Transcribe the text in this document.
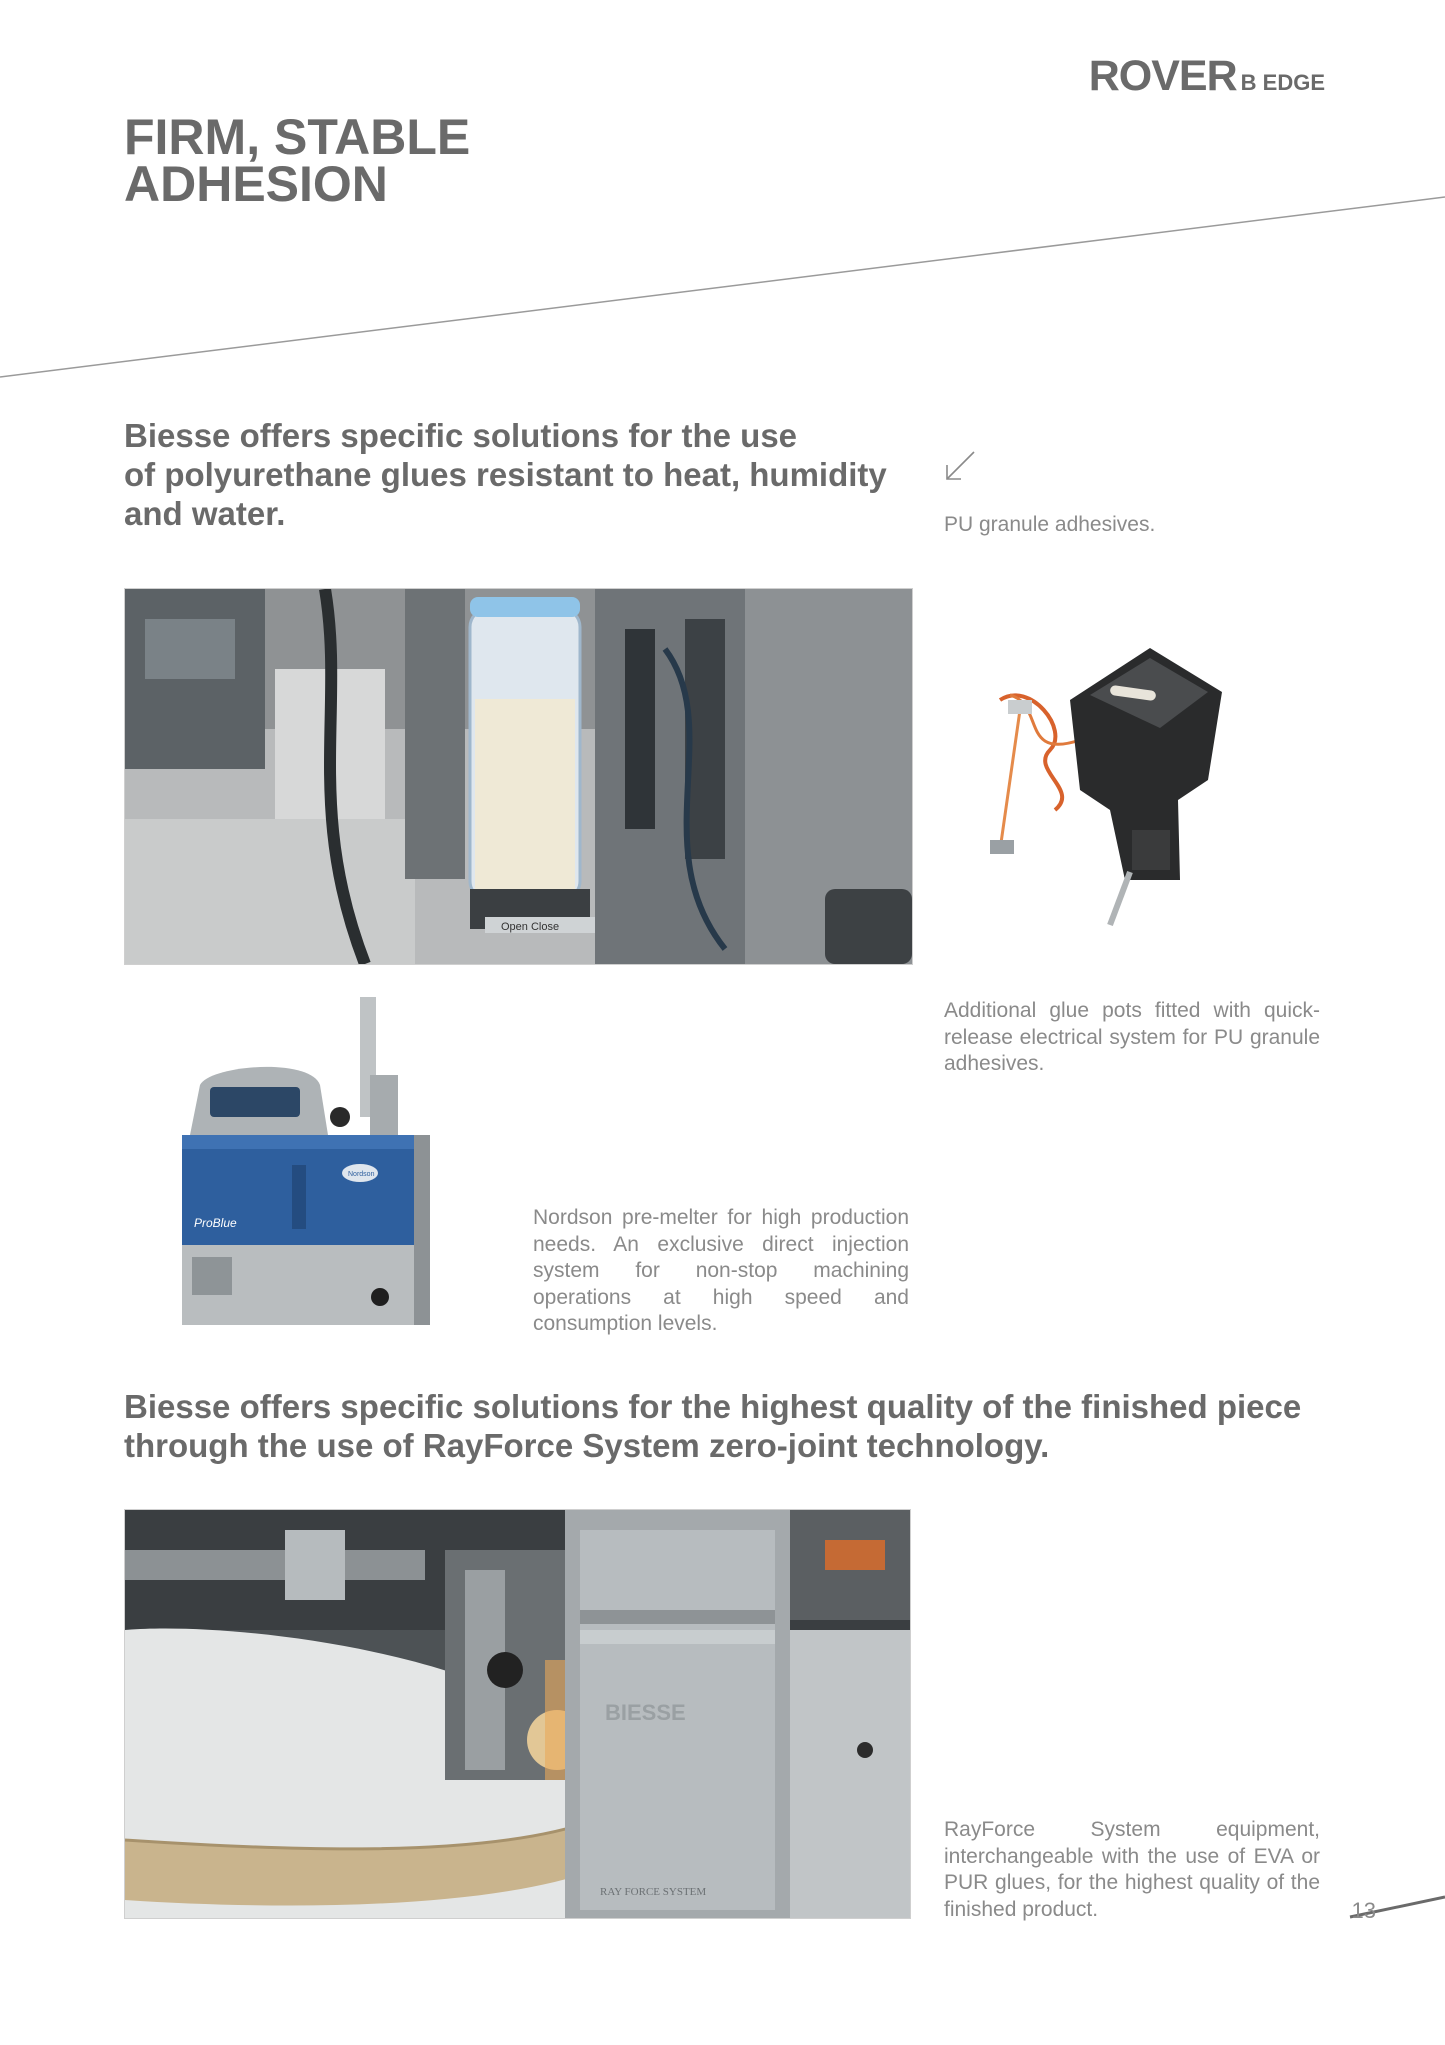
ROVER B EDGE
FIRM, STABLE
ADHESION
Biesse offers specific solutions for the use
of polyurethane glues resistant to heat, humidity
and water.	PU granule adhesives.
Open Close
Additional glue pots fitted with quick-release electrical system for PU granule adhesives.
ProBlue
Nordson
Nordson pre-melter for high production needs. An exclusive direct injection system for non-stop machining operations at high speed and consumption levels.
Biesse offers specific solutions for the highest quality of the finished piece
through the use of RayForce System zero-joint technology.
BIESSE
RAY FORCE SYSTEM
RayForce System equipment, interchangeable with the use of EVA or PUR glues, for the highest quality of the finished product.	13
